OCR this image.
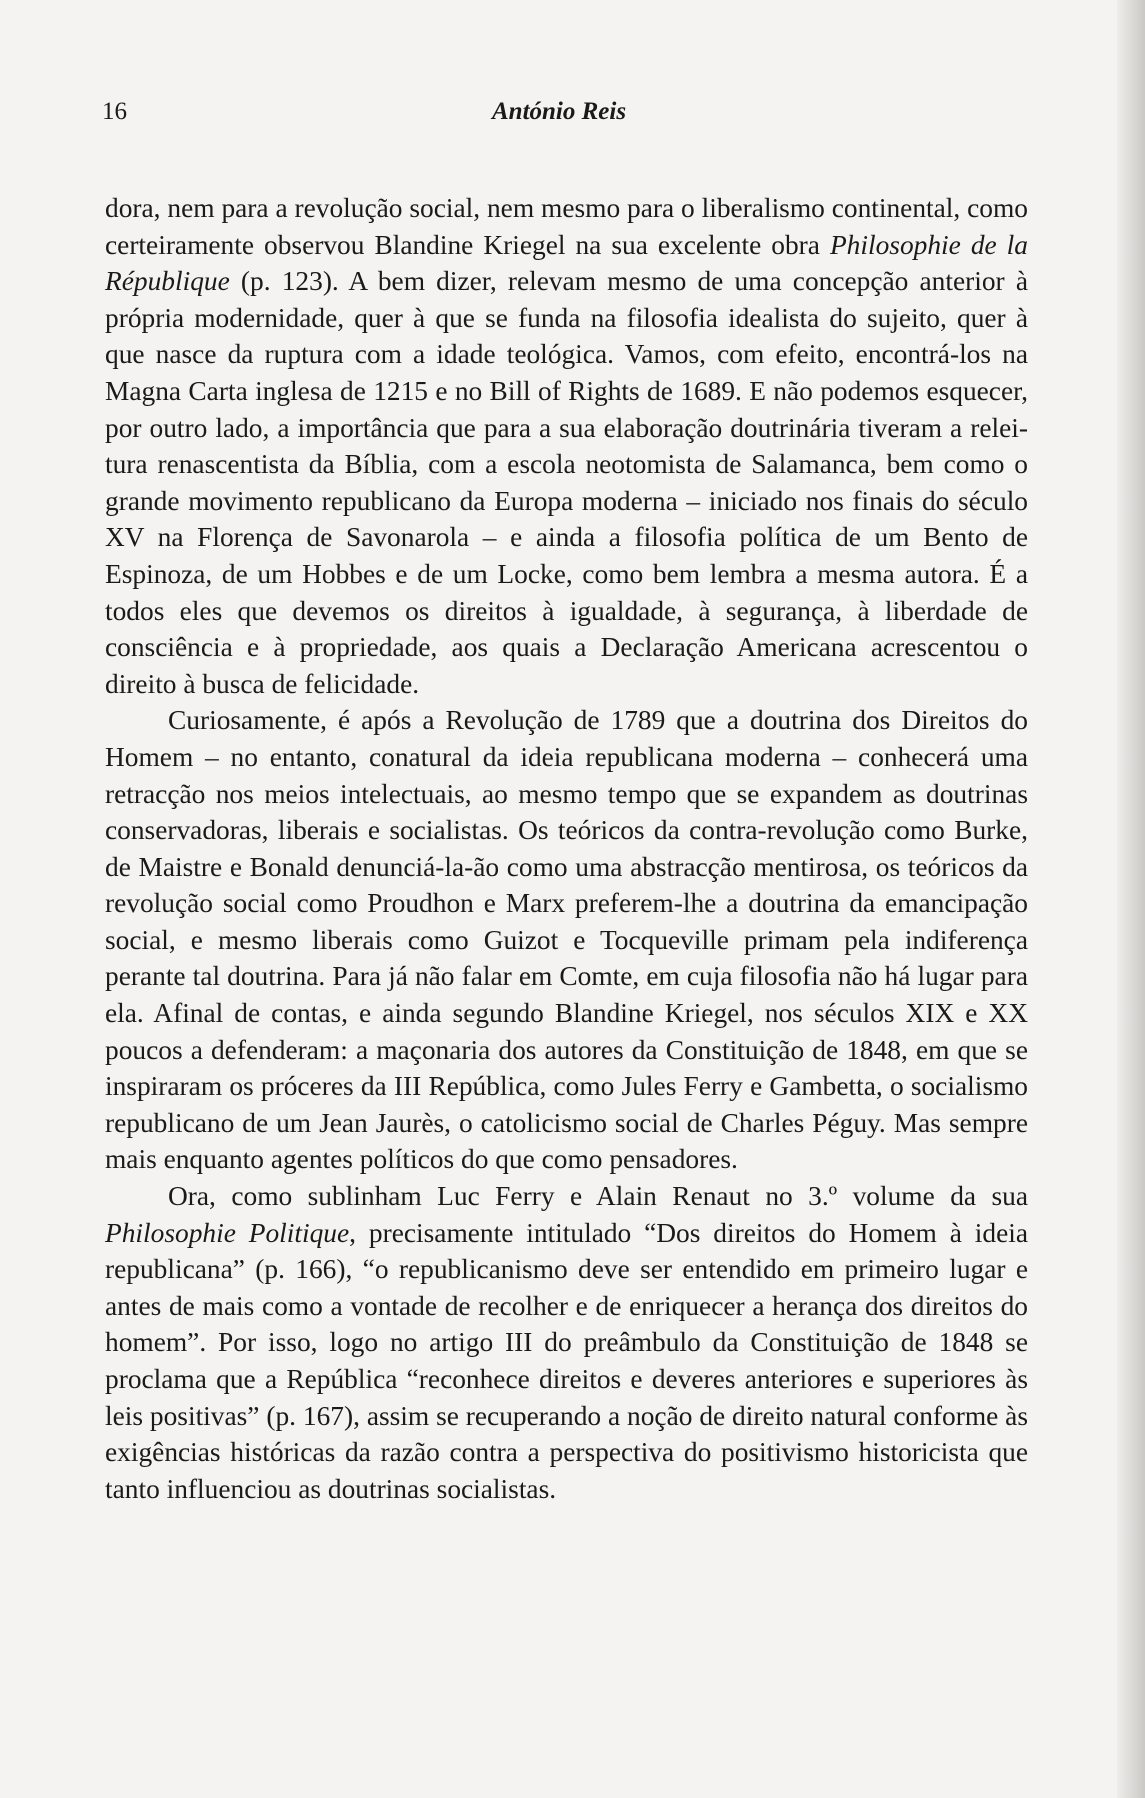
16	António Reis

dora, nem para a revolução social, nem mesmo para o liberalismo continental, como certeiramente observou Blandine Kriegel na sua excelente obra Philosophie de la République (p. 123). A bem dizer, relevam mesmo de uma concepção anterior à própria modernidade, quer à que se funda na filosofia idealista do sujeito, quer à que nasce da ruptura com a idade teológica. Vamos, com efeito, encontrá-los na Magna Carta inglesa de 1215 e no Bill of Rights de 1689. E não podemos esquecer, por outro lado, a importância que para a sua elaboração doutrinária tiveram a releitura renascentista da Bíblia, com a escola neotomista de Salamanca, bem como o grande movimento republicano da Europa moderna – iniciado nos finais do século XV na Florença de Savonarola – e ainda a filosofia política de um Bento de Espinoza, de um Hobbes e de um Locke, como bem lembra a mesma autora. É a todos eles que devemos os direitos à igualdade, à segurança, à liberdade de consciência e à propriedade, aos quais a Declaração Americana acrescentou o direito à busca de felicidade.

Curiosamente, é após a Revolução de 1789 que a doutrina dos Direitos do Homem – no entanto, conatural da ideia republicana moderna – conhecerá uma retracção nos meios intelectuais, ao mesmo tempo que se expandem as doutrinas conservadoras, liberais e socialistas. Os teóricos da contra-revolução como Burke, de Maistre e Bonald denunciá-la-ão como uma abstracção mentirosa, os teóricos da revolução social como Proudhon e Marx preferem-lhe a doutrina da emancipação social, e mesmo liberais como Guizot e Tocqueville primam pela indiferença perante tal doutrina. Para já não falar em Comte, em cuja filosofia não há lugar para ela. Afinal de contas, e ainda segundo Blandine Kriegel, nos séculos XIX e XX poucos a defenderam: a maçonaria dos autores da Constituição de 1848, em que se inspiraram os próceres da III República, como Jules Ferry e Gambetta, o socialismo republicano de um Jean Jaurès, o catolicismo social de Charles Péguy. Mas sempre mais enquanto agentes políticos do que como pensadores.

Ora, como sublinham Luc Ferry e Alain Renaut no 3.º volume da sua Philosophie Politique, precisamente intitulado “Dos direitos do Homem à ideia republicana” (p. 166), “o republicanismo deve ser entendido em primeiro lugar e antes de mais como a vontade de recolher e de enriquecer a herança dos direitos do homem”. Por isso, logo no artigo III do preâmbulo da Constituição de 1848 se proclama que a República “reconhece direitos e deveres anteriores e superiores às leis positivas” (p. 167), assim se recuperando a noção de direito natural conforme às exigências históricas da razão contra a perspectiva do positivismo historicista que tanto influenciou as doutrinas socialistas.
